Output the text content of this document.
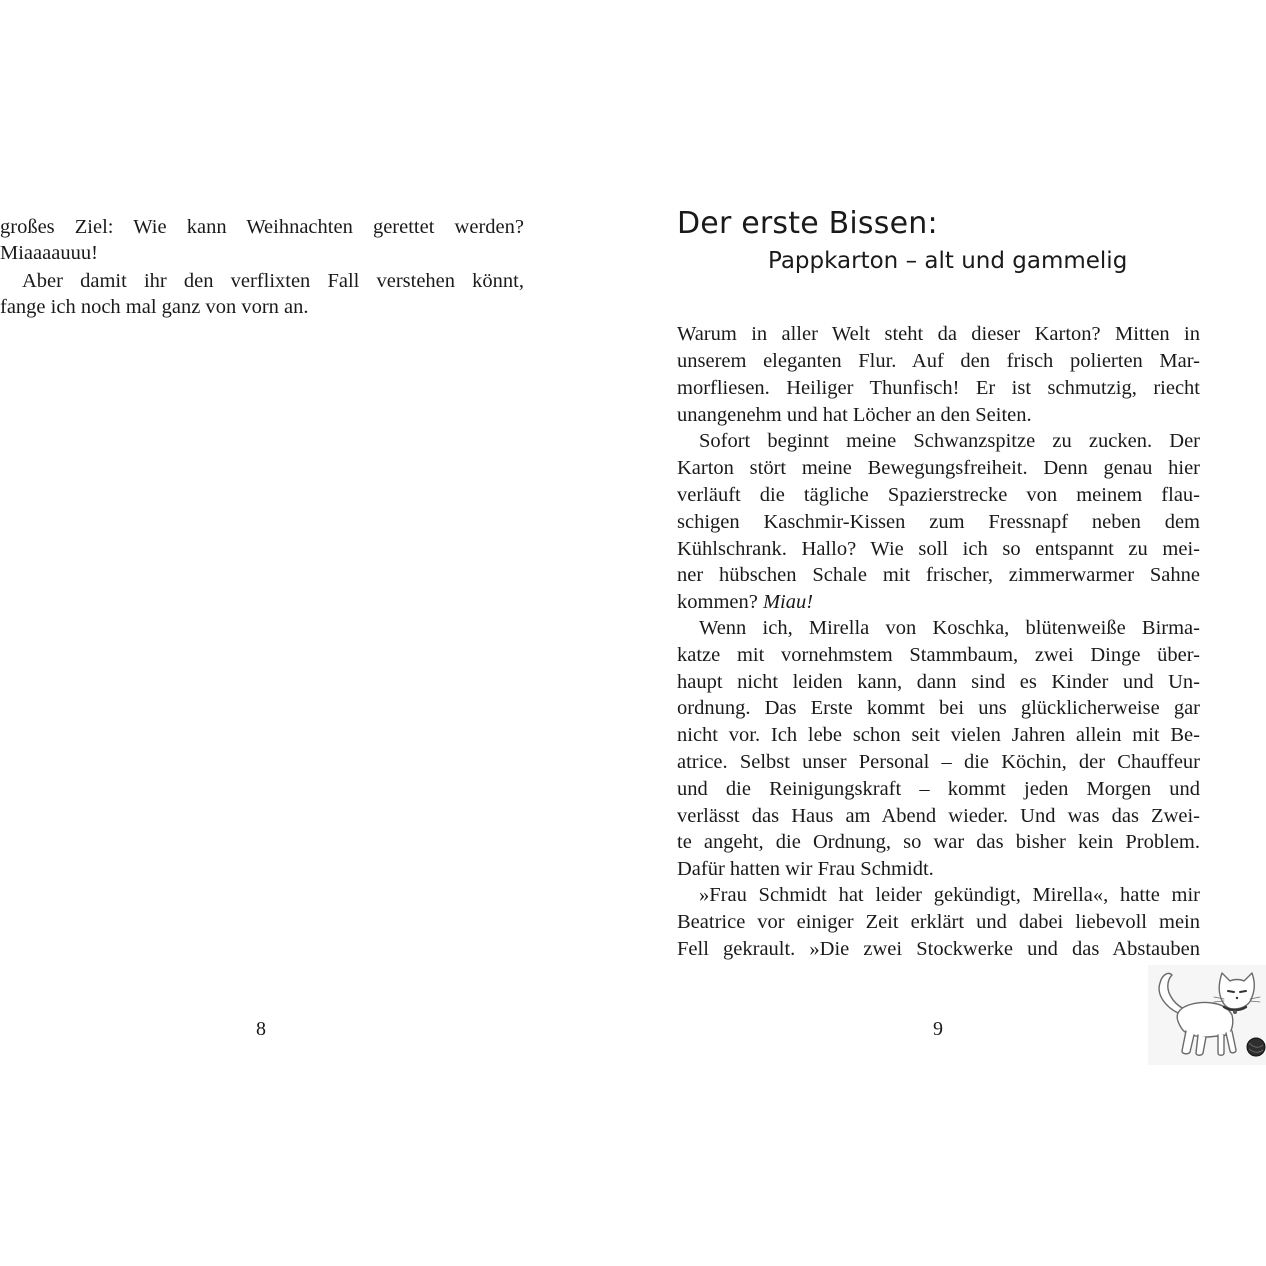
großes Ziel: Wie kann Weihnachten gerettet werden?
Miaaaauuu!
Aber damit ihr den verflixten Fall verstehen könnt,
fange ich noch mal ganz von vorn an.
8
Der erste Bissen:
Pappkarton – alt und gammelig
Warum in aller Welt steht da dieser Karton? Mitten in
unserem eleganten Flur. Auf den frisch polierten Mar-
morfliesen. Heiliger Thunfisch! Er ist schmutzig, riecht
unangenehm und hat Löcher an den Seiten.
Sofort beginnt meine Schwanzspitze zu zucken. Der
Karton stört meine Bewegungsfreiheit. Denn genau hier
verläuft die tägliche Spazierstrecke von meinem flau-
schigen Kaschmir-Kissen zum Fressnapf neben dem
Kühlschrank. Hallo? Wie soll ich so entspannt zu mei-
ner hübschen Schale mit frischer, zimmerwarmer Sahne
kommen? Miau!
Wenn ich, Mirella von Koschka, blütenweiße Birma-
katze mit vornehmstem Stammbaum, zwei Dinge über-
haupt nicht leiden kann, dann sind es Kinder und Un-
ordnung. Das Erste kommt bei uns glücklicherweise gar
nicht vor. Ich lebe schon seit vielen Jahren allein mit Be-
atrice. Selbst unser Personal – die Köchin, der Chauffeur
und die Reinigungskraft – kommt jeden Morgen und
verlässt das Haus am Abend wieder. Und was das Zwei-
te angeht, die Ordnung, so war das bisher kein Problem.
Dafür hatten wir Frau Schmidt.
»Frau Schmidt hat leider gekündigt, Mirella«, hatte mir
Beatrice vor einiger Zeit erklärt und dabei liebevoll mein
Fell gekrault. »Die zwei Stockwerke und das Abstauben
9
